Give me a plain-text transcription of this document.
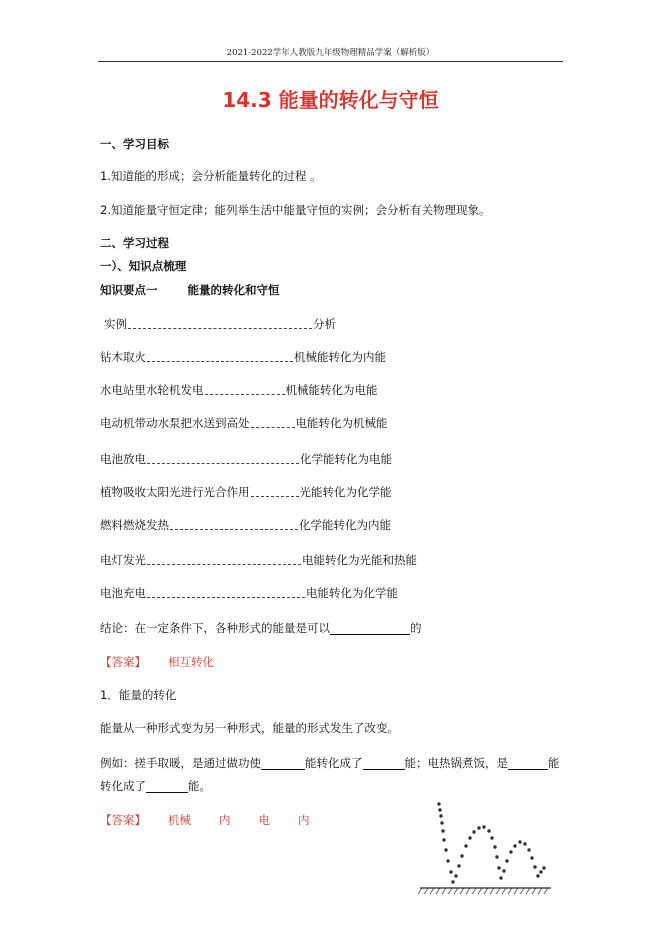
2021-2022学年人教版九年级物理精品学案（解析版）
14.3 能量的转化与守恒
一、学习目标
1.知道能的形成；会分析能量转化的过程 。
2.知道能量守恒定律；能列举生活中能量守恒的实例；会分析有关物理现象。
二、学习过程
一）、知识点梳理
知识要点一	能量的转化和守恒
实例	分析
钻木取火	机械能转化为内能
水电站里水轮机发电	机械能转化为电能
电动机带动水泵把水送到高处	电能转化为机械能
电池放电	化学能转化为电能
植物吸收太阳光进行光合作用	光能转化为化学能
燃料燃烧发热	化学能转化为内能
电灯发光	电能转化为光能和热能
电池充电	电能转化为化学能
结论：在一定条件下，各种形式的能量是可以	的
【答案】 相互转化
1．能量的转化
能量从一种形式变为另一种形式，能量的形式发生了改变。
例如：搓手取暖，是通过做功使	能转化成了	能；电热锅煮饭，是	能
转化成了	能。
【答案】 机械 内 电 内
